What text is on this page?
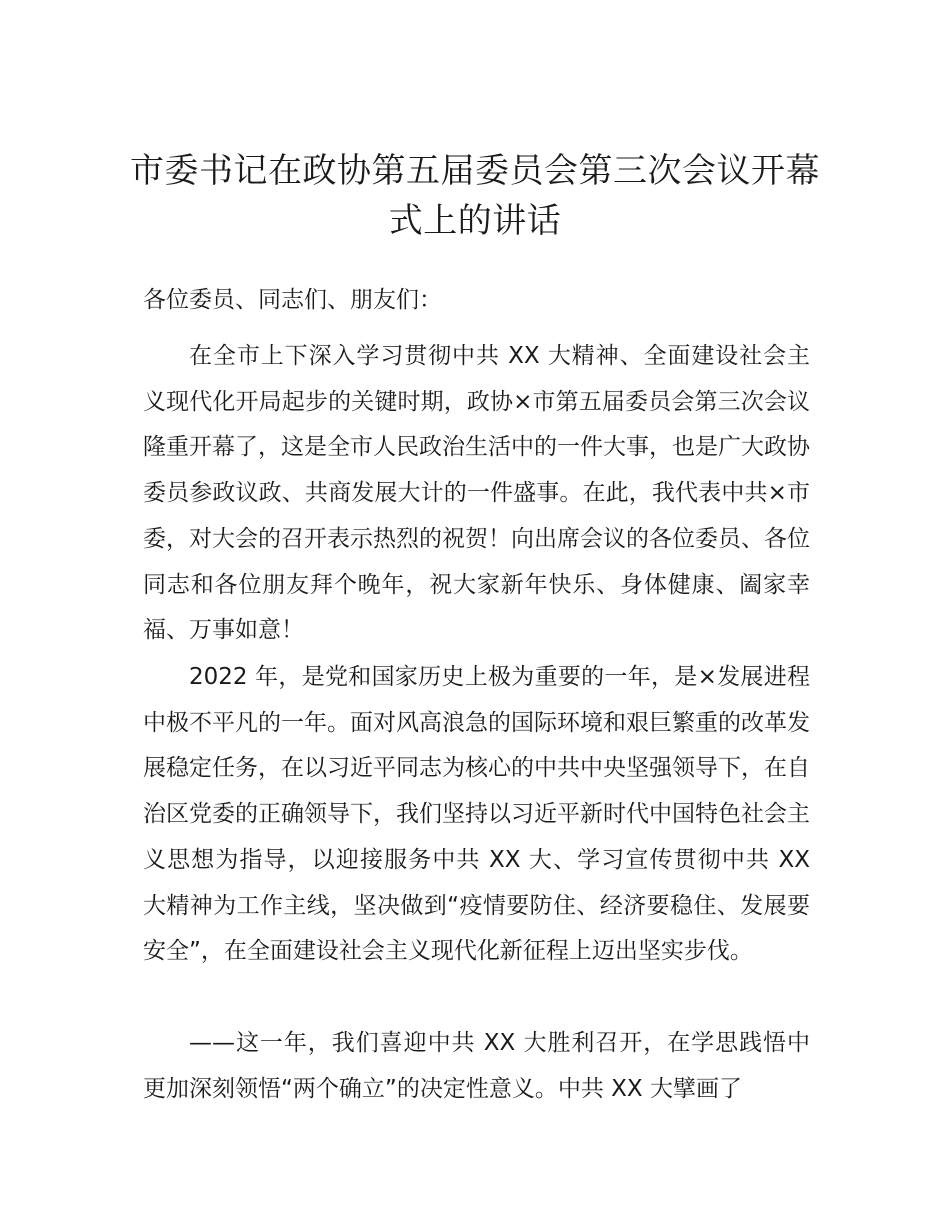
市委书记在政协第五届委员会第三次会议开幕式上的讲话

各位委员、同志们、朋友们：

在全市上下深入学习贯彻中共 XX 大精神、全面建设社会主义现代化开局起步的关键时期，政协×市第五届委员会第三次会议隆重开幕了，这是全市人民政治生活中的一件大事，也是广大政协委员参政议政、共商发展大计的一件盛事。在此，我代表中共×市委，对大会的召开表示热烈的祝贺！向出席会议的各位委员、各位同志和各位朋友拜个晚年，祝大家新年快乐、身体健康、阖家幸福、万事如意！

2022 年，是党和国家历史上极为重要的一年，是×发展进程中极不平凡的一年。面对风高浪急的国际环境和艰巨繁重的改革发展稳定任务，在以习近平同志为核心的中共中央坚强领导下，在自治区党委的正确领导下，我们坚持以习近平新时代中国特色社会主义思想为指导，以迎接服务中共 XX 大、学习宣传贯彻中共 XX 大精神为工作主线，坚决做到“疫情要防住、经济要稳住、发展要安全”，在全面建设社会主义现代化新征程上迈出坚实步伐。

——这一年，我们喜迎中共 XX 大胜利召开，在学思践悟中更加深刻领悟“两个确立”的决定性意义。中共 XX 大擘画了
